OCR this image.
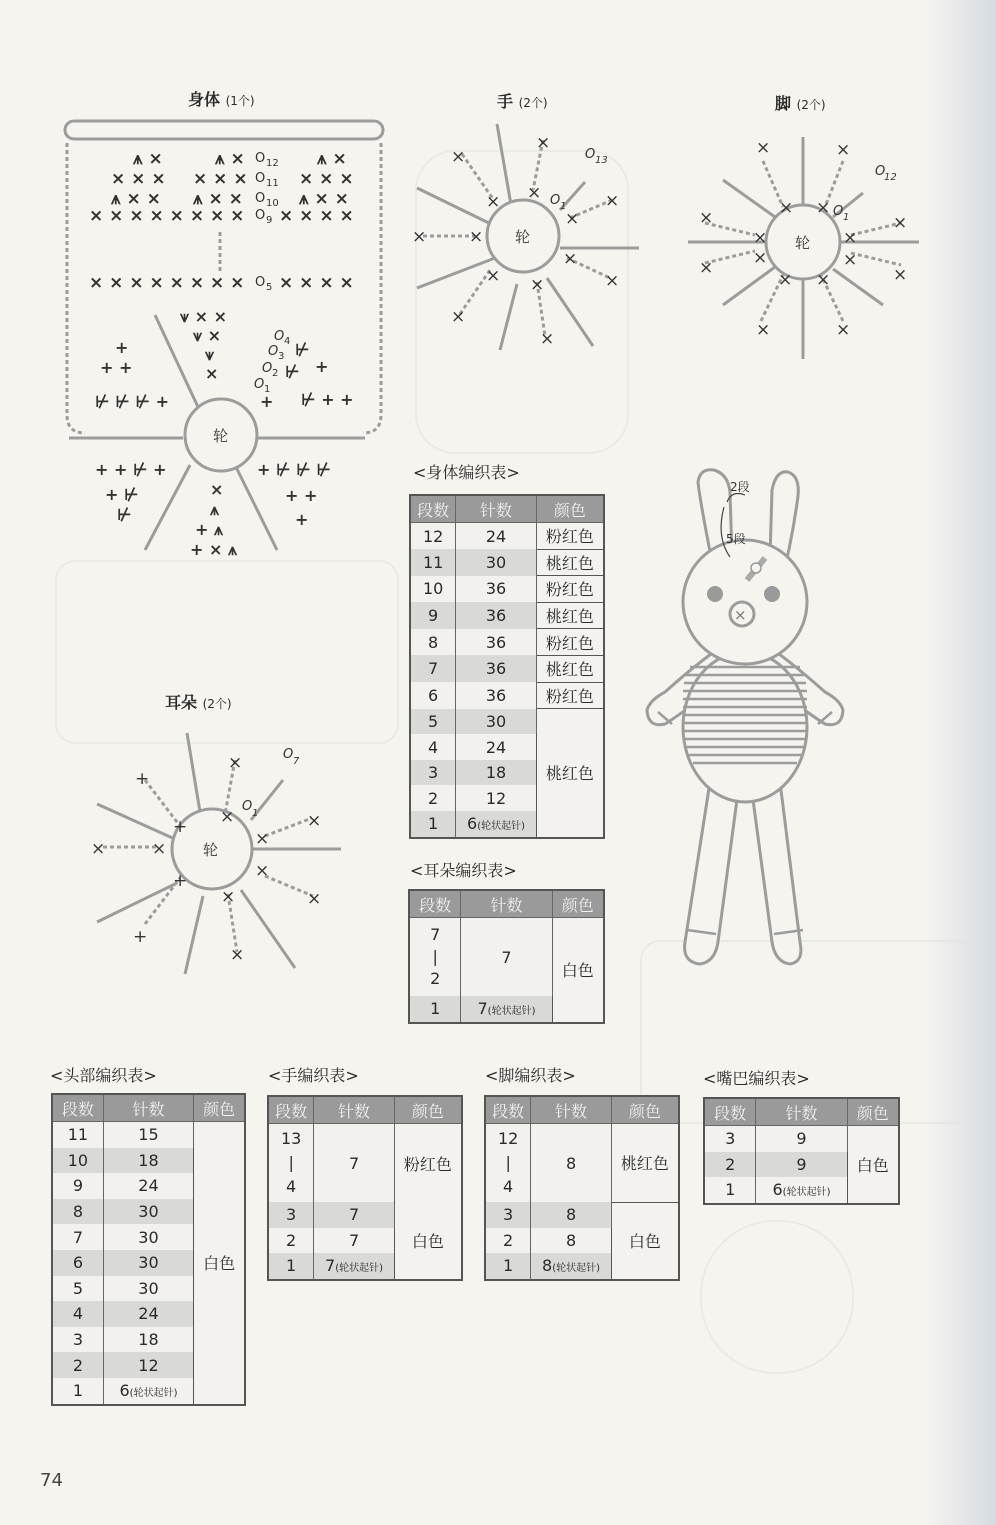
身体 (1个)
⩚ ×	⩚ ×	⩚ ×
× × × × × ×	× × ×
⩚ × × ⩚ × ×	⩚ × ×
× × × × × × × × × × × ×
× × × × × × × × × × × ×
O 12
O 11
O 10
O 9
O 5
O 4
O 3
O 2
O 1
轮
⩛ × ×
⩛ ×
⩛
×
⊬
+
⊬
⊬ + +
+
+
+ +
⊬ ⊬ ⊬ +
+ + ⊬ +
+ ⊬
⊬
×
⩚
+ ⩚
+ × ⩚
+ ⊬ ⊬ ⊬
+ +
+
手 (2个)
轮
×
×
× ×
×	×
×
×
×
×
×
×
×
×
O 13
O 1
脚 (2个)
轮
×	×
× ×
×
×	×
×
× ×	×
×
× ×
×	×
O
12
O 1
耳朵 (2个)
轮
+
×
+ ×
×	×	×
×
×
×
+
+
×
×
O 7
O 1
×
2段
5段
<身体编织表>
段数	针数	颜色
12	24	粉红色
11	30	桃红色
10	36	粉红色
9	36	桃红色
8	36	粉红色
7	36	桃红色
6	36	粉红色
5	30	桃红色
4	24	
3	18	
2	12	
1	6(轮状起针)	
<耳朵编织表>
段数	针数	颜色
7
|
2	7	白色
1	7(轮状起针)	
<头部编织表>
段数	针数	颜色
11	15	白色
10	18	
9	24	
8	30	
7	30	
6	30	
5	30	
4	24	
3	18	
2	12	
1	6(轮状起针)	
<手编织表>
段数	针数	颜色
13
|
4	7	粉红色
3	7	白色
2	7	
1	7(轮状起针)	
<脚编织表>
段数	针数	颜色
12
|
4	8	桃红色
3	8	白色
2	8	
1	8(轮状起针)	
<嘴巴编织表>
段数	针数	颜色
3	9	白色
2	9	
1	6(轮状起针)	
74
